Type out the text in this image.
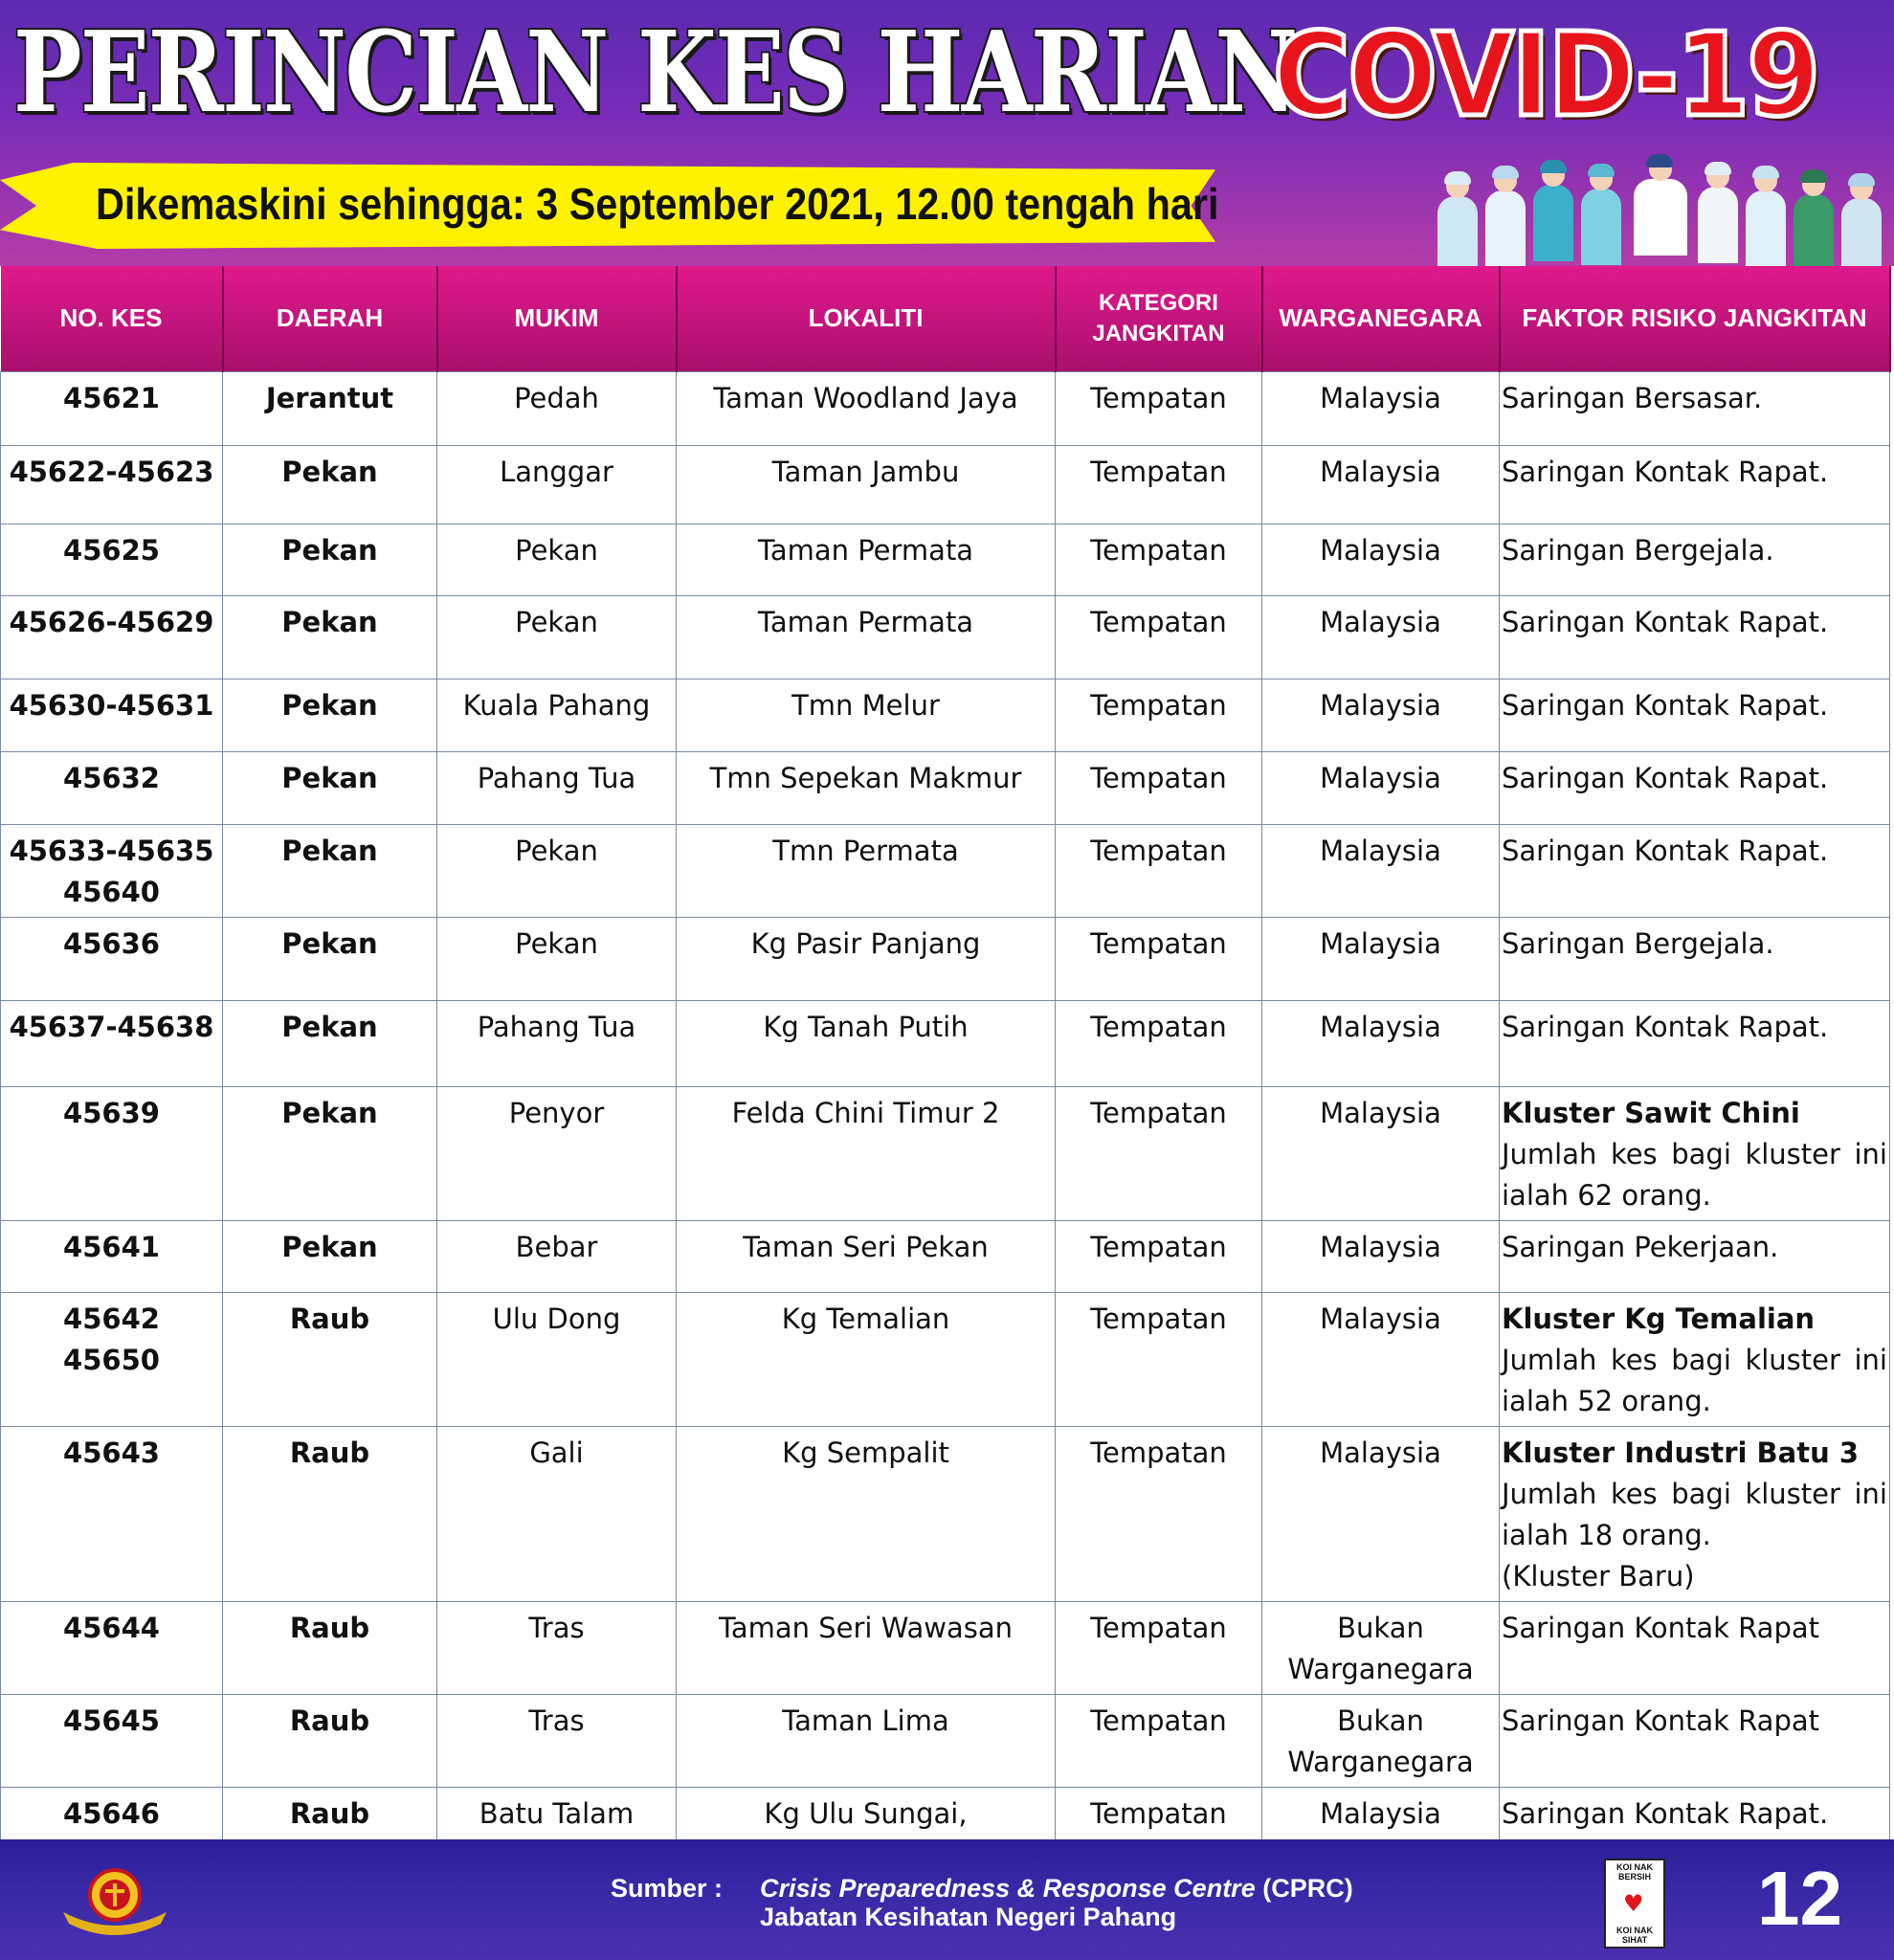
PERINCIAN KES HARIAN
COVID-19
Dikemaskini sehingga: 3 September 2021, 12.00 tengah hari
NO. KES	DAERAH	MUKIM	LOKALITI	KATEGORI JANGKITAN	WARGANEGARA	FAKTOR RISIKO JANGKITAN

45621	Jerantut	Pedah	Taman Woodland Jaya	Tempatan	Malaysia	Saringan Bersasar.

45622-45623	Pekan	Langgar	Taman Jambu	Tempatan	Malaysia	Saringan Kontak Rapat.

45625	Pekan	Pekan	Taman Permata	Tempatan	Malaysia	Saringan Bergejala.

45626-45629	Pekan	Pekan	Taman Permata	Tempatan	Malaysia	Saringan Kontak Rapat.

45630-45631	Pekan	Kuala Pahang	Tmn Melur	Tempatan	Malaysia	Saringan Kontak Rapat.

45632	Pekan	Pahang Tua	Tmn Sepekan Makmur	Tempatan	Malaysia	Saringan Kontak Rapat.

45633-45635
45640	Pekan	Pekan	Tmn Permata	Tempatan	Malaysia	Saringan Kontak Rapat.

45636	Pekan	Pekan	Kg Pasir Panjang	Tempatan	Malaysia	Saringan Bergejala.

45637-45638	Pekan	Pahang Tua	Kg Tanah Putih	Tempatan	Malaysia	Saringan Kontak Rapat.

45639	Pekan	Penyor	Felda Chini Timur 2	Tempatan	Malaysia	Kluster Sawit Chini
Jumlah kes bagi kluster ini
ialah 62 orang.

45641	Pekan	Bebar	Taman Seri Pekan	Tempatan	Malaysia	Saringan Pekerjaan.

45642
45650	Raub	Ulu Dong	Kg Temalian	Tempatan	Malaysia	Kluster Kg Temalian
Jumlah kes bagi kluster ini
ialah 52 orang.

45643	Raub	Gali	Kg Sempalit	Tempatan	Malaysia	Kluster Industri Batu 3
Jumlah kes bagi kluster ini
ialah 18 orang.
(Kluster Baru)

45644	Raub	Tras	Taman Seri Wawasan	Tempatan	Bukan
Warganegara	Saringan Kontak Rapat

45645	Raub	Tras	Taman Lima	Tempatan	Bukan
Warganegara	Saringan Kontak Rapat

45646	Raub	Batu Talam	Kg Ulu Sungai,	Tempatan	Malaysia	Saringan Kontak Rapat.
Sumber : Crisis Preparedness & Response Centre (CPRC)
Jabatan Kesihatan Negeri Pahang
KOI NAK BERSIH
♥
KOI NAK SIHAT 12
